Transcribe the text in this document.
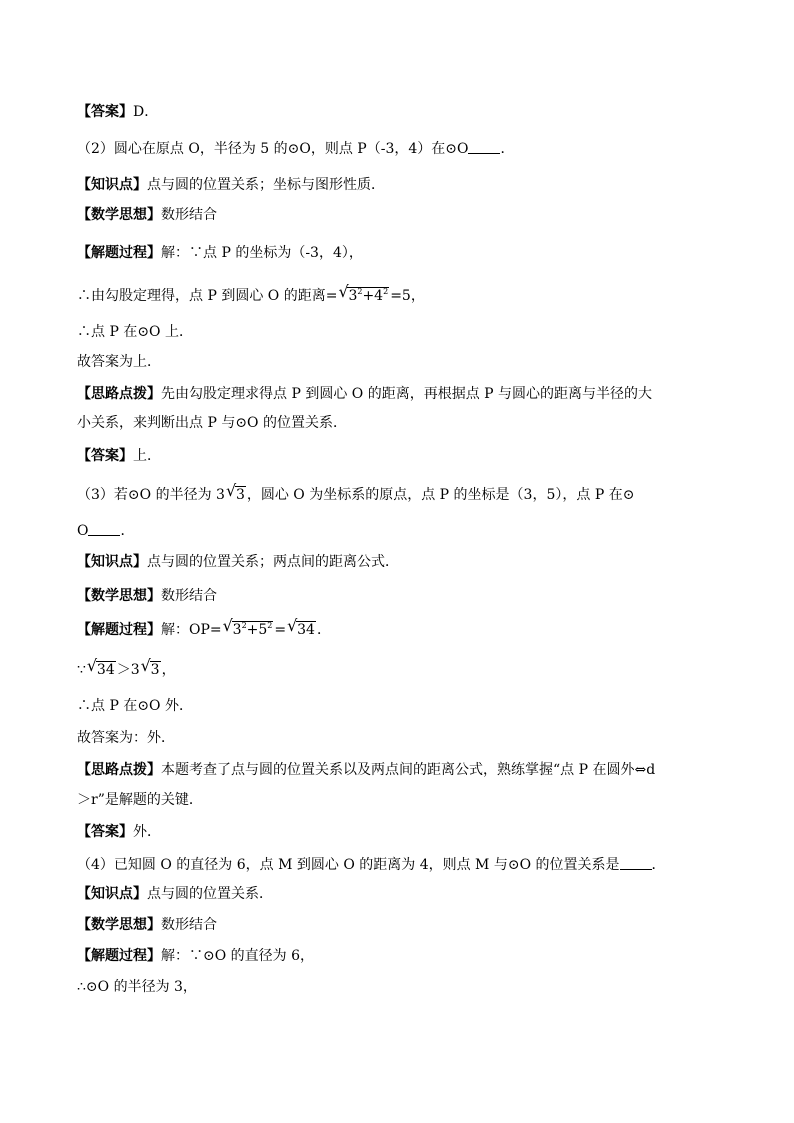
【答案】D．
（2）圆心在原点 O，半径为 5 的⊙O，则点 P（-3，4）在⊙O ．
【知识点】点与圆的位置关系；坐标与图形性质．
【数学思想】数形结合
【解题过程】解：∵点 P 的坐标为（-3，4），
∴由勾股定理得，点 P 到圆心 O 的距离= √ $3^2+4^2 =5$，
∴点 P 在⊙O 上．
故答案为上．
【思路点拨】先由勾股定理求得点 P 到圆心 O 的距离，再根据点 P 与圆心的距离与半径的大
小关系，来判断出点 P 与⊙O 的位置关系．
【答案】上．
（3）若⊙O 的半径为 3 √ 3 ，圆心 O 为坐标系的原点，点 P 的坐标是（3，5），点 P 在⊙
O ．
【知识点】点与圆的位置关系；两点间的距离公式．
【数学思想】数形结合
【解题过程】解：OP= √ $3^2+5^2$ = √ 34 ．
∵ √ 34 ＞3 √ 3 ，
∴点 P 在⊙O 外．
故答案为：外．
【思路点拨】本题考查了点与圆的位置关系以及两点间的距离公式，熟练掌握“点 P 在圆外⇔d
＞r”是解题的关键．
【答案】外．
（4）已知圆 O 的直径为 6，点 M 到圆心 O 的距离为 4，则点 M 与⊙O 的位置关系是 ．
【知识点】点与圆的位置关系．
【数学思想】数形结合
【解题过程】解：∵⊙O 的直径为 6，
∴⊙O 的半径为 3，
